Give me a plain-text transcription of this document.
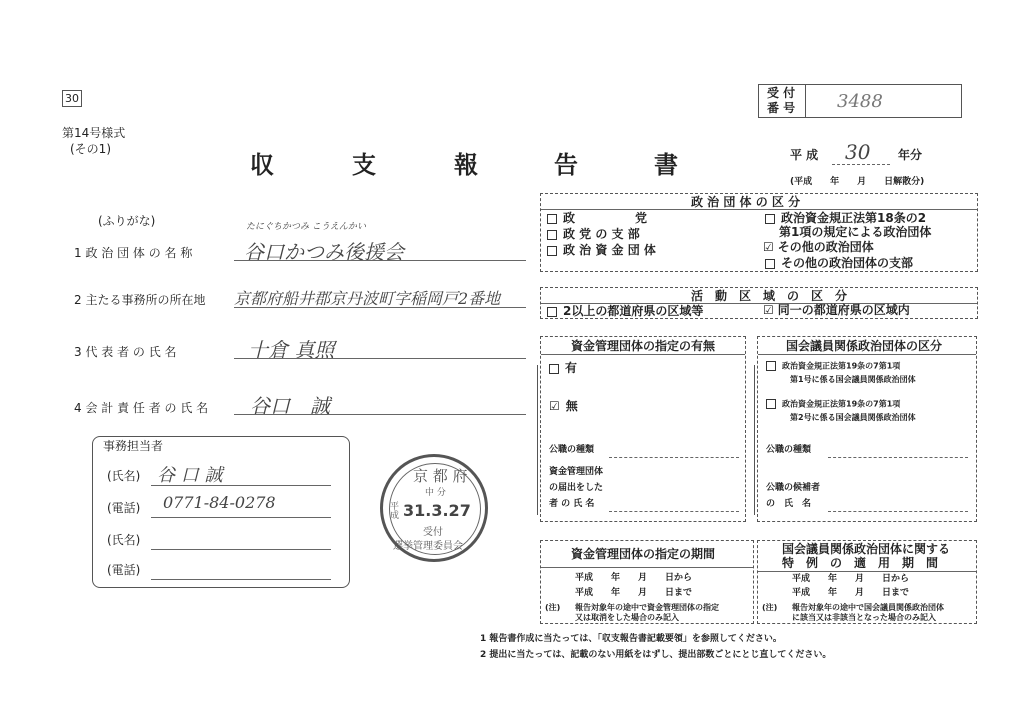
30
第14号様式
(その1)
収	支	報	告	書
受 付
番 号 3488
平 成 30 年分
(平成　　年　　月　　日解散分)
(ふりがな)	たにぐちかつみ こうえんかい
1 政 治 団 体 の 名 称	谷口かつみ後援会
2 主たる事務所の所在地 京都府船井郡京丹波町字稲岡戸2番地
3 代 表 者 の 氏 名	十倉 真照
4 会 計 責 任 者 の 氏 名 谷口　誠
事務担当者
(氏名) 谷 口 誠
(電話) 0771-84-0278
(氏名)
(電話)
京 都 府
中 分
平成 31.3.27
受付
選挙管理委員会
政 治 団 体 の 区 分
政　　　　　党
政 党 の 支 部
政 治 資 金 団 体
政治資金規正法第18条の2
第1項の規定による政治団体
☑ その他の政治団体
その他の政治団体の支部
活　動　区　域　の　区　分
2以上の都道府県の区域等	☑ 同一の都道府県の区域内
資金管理団体の指定の有無
有
☑ 無
公職の種類
資金管理団体
の届出をした
者 の 氏 名
国会議員関係政治団体の区分
政治資金規正法第19条の7第1項
第1号に係る国会議員関係政治団体
政治資金規正法第19条の7第1項
第2号に係る国会議員関係政治団体
公職の種類
公職の候補者
の　氏　名
資金管理団体の指定の期間
平成　　年　　月　　日から
平成　　年　　月　　日まで
(注) 報告対象年の途中で資金管理団体の指定
又は取消をした場合のみ記入
国会議員関係政治団体に関する
特　例　の　適　用　期　間
平成　　年　　月　　日から
平成　　年　　月　　日まで
(注) 報告対象年の途中で国会議員関係政治団体
に該当又は非該当となった場合のみ記入
1 報告書作成に当たっては、「収支報告書記載要領」を参照してください。
2 提出に当たっては、記載のない用紙をはずし、提出部数ごとにとじ直してください。
